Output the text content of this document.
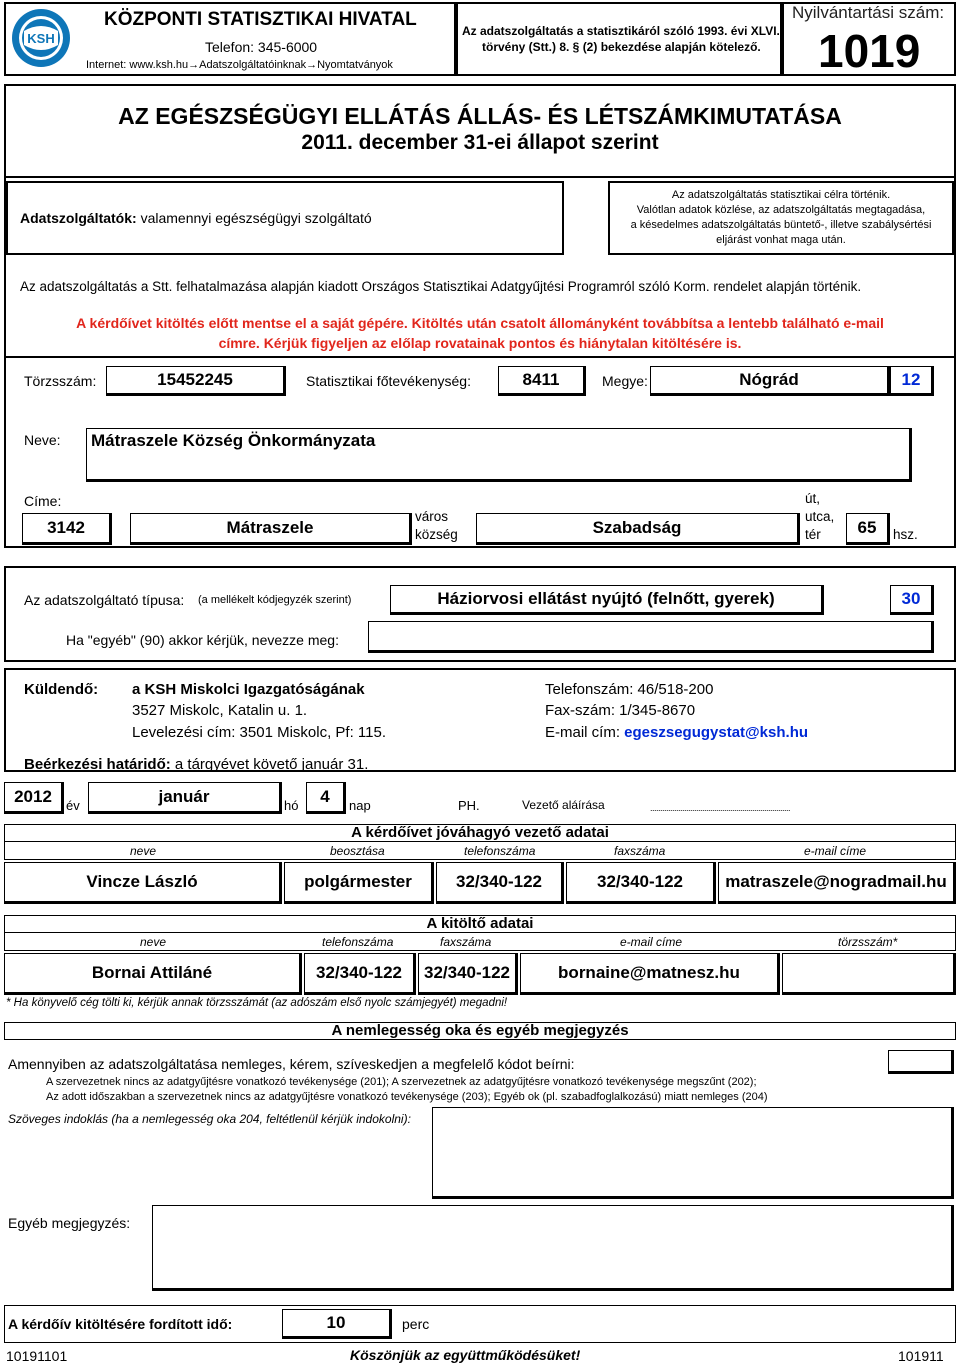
KSH
KÖZPONTI STATISZTIKAI HIVATAL
Telefon: 345-6000
Internet: www.ksh.hu→Adatszolgáltatóinknak→Nyomtatványok
Az adatszolgáltatás a statisztikáról szóló 1993. évi XLVI.
törvény (Stt.) 8. § (2) bekezdése alapján kötelező.
Nyilvántartási szám:
1019
AZ EGÉSZSÉGÜGYI ELLÁTÁS ÁLLÁS- ÉS LÉTSZÁMKIMUTATÁSA
2011. december 31-ei állapot szerint
Adatszolgáltatók: valamennyi egészségügyi szolgáltató
Az adatszolgáltatás statisztikai célra történik.
Valótlan adatok közlése, az adatszolgáltatás megtagadása,
a késedelmes adatszolgáltatás büntető-, illetve szabálysértési
eljárást vonhat maga után.
Az adatszolgáltatás a Stt. felhatalmazása alapján kiadott Országos Statisztikai Adatgyűjtési Programról szóló Korm. rendelet alapján történik.
A kérdőívet kitöltés előtt mentse el a saját gépére. Kitöltés után csatolt állományként továbbítsa a lentebb található e-mail
címre. Kérjük figyeljen az előlap rovatainak pontos és hiánytalan kitöltésére is.
Törzsszám:	15452245	Statisztikai főtevékenység:	8411	Megye:	Nógrád	12
Neve: Mátraszele Község Önkormányzata
Címe:
3142	Mátraszele
város
község	Szabadság
út,
utca,
tér	65	hsz.
Az adatszolgáltató típusa: (a mellékelt kódjegyzék szerint)	Háziorvosi ellátást nyújtó (felnőtt, gyerek)	30
Ha "egyéb" (90) akkor kérjük, nevezze meg:
Küldendő: a KSH Miskolci Igazgatóságának
3527 Miskolc, Katalin u. 1.
Levelezési cím: 3501 Miskolc, Pf: 115.
Telefonszám: 46/518-200
Fax-szám: 1/345-8670
E-mail cím: egeszsegugystat@ksh.hu
Beérkezési határidő: a tárgyévet követő január 31.
2012	év	január	hó	4	nap	PH.	Vezető aláírása	......................................................................
A kérdőívet jóváhagyó vezető adatai
neve	beosztása	telefonszáma	faxszáma	e-mail címe
Vincze László	polgármester	32/340-122	32/340-122	matraszele@nogradmail.hu
A kitöltő adatai
neve	telefonszáma	faxszáma	e-mail címe	törzsszám*
Bornai Attiláné	32/340-122	32/340-122	bornaine@matnesz.hu
* Ha könyvelő cég tölti ki, kérjük annak törzsszámát (az adószám első nyolc számjegyét) megadni!
A nemlegesség oka és egyéb megjegyzés
Amennyiben az adatszolgáltatása nemleges, kérem, szíveskedjen a megfelelő kódot beírni:
A szervezetnek nincs az adatgyűjtésre vonatkozó tevékenysége (201); A szervezetnek az adatgyűjtésre vonatkozó tevékenysége megszűnt (202);
Az adott időszakban a szervezetnek nincs az adatgyűjtésre vonatkozó tevékenysége (203); Egyéb ok (pl. szabadfoglalkozású) miatt nemleges (204)
Szöveges indoklás (ha a nemlegesség oka 204, feltétlenül kérjük indokolni):
Egyéb megjegyzés:
A kérdőív kitöltésére fordított idő:	10	perc
10191101	Köszönjük az együttműködésüket!	101911
